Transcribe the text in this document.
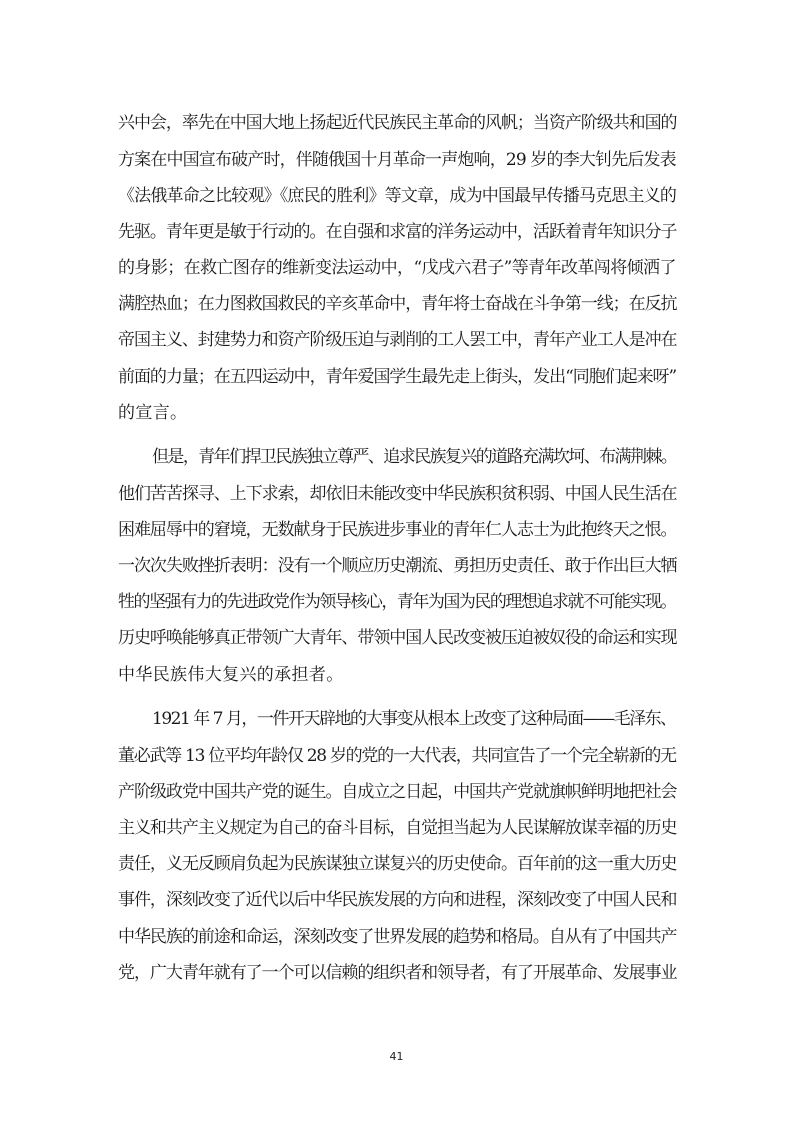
兴中会，率先在中国大地上扬起近代民族民主革命的风帆；当资产阶级共和国的
方案在中国宣布破产时，伴随俄国十月革命一声炮响，29 岁的李大钊先后发表
《法俄革命之比较观》《庶民的胜利》等文章，成为中国最早传播马克思主义的
先驱。青年更是敏于行动的。在自强和求富的洋务运动中，活跃着青年知识分子
的身影；在救亡图存的维新变法运动中，“戊戌六君子”等青年改革闯将倾洒了
满腔热血；在力图救国救民的辛亥革命中，青年将士奋战在斗争第一线；在反抗
帝国主义、封建势力和资产阶级压迫与剥削的工人罢工中，青年产业工人是冲在
前面的力量；在五四运动中，青年爱国学生最先走上街头，发出“同胞们起来呀”
的宣言。
但是，青年们捍卫民族独立尊严、追求民族复兴的道路充满坎坷、布满荆棘。
他们苦苦探寻、上下求索，却依旧未能改变中华民族积贫积弱、中国人民生活在
困难屈辱中的窘境，无数献身于民族进步事业的青年仁人志士为此抱终天之恨。
一次次失败挫折表明：没有一个顺应历史潮流、勇担历史责任、敢于作出巨大牺
牲的坚强有力的先进政党作为领导核心，青年为国为民的理想追求就不可能实现。
历史呼唤能够真正带领广大青年、带领中国人民改变被压迫被奴役的命运和实现
中华民族伟大复兴的承担者。
1921 年 7 月，一件开天辟地的大事变从根本上改变了这种局面——毛泽东、
董必武等 13 位平均年龄仅 28 岁的党的一大代表，共同宣告了一个完全崭新的无
产阶级政党中国共产党的诞生。自成立之日起，中国共产党就旗帜鲜明地把社会
主义和共产主义规定为自己的奋斗目标，自觉担当起为人民谋解放谋幸福的历史
责任，义无反顾肩负起为民族谋独立谋复兴的历史使命。百年前的这一重大历史
事件，深刻改变了近代以后中华民族发展的方向和进程，深刻改变了中国人民和
中华民族的前途和命运，深刻改变了世界发展的趋势和格局。自从有了中国共产
党，广大青年就有了一个可以信赖的组织者和领导者，有了开展革命、发展事业
41
